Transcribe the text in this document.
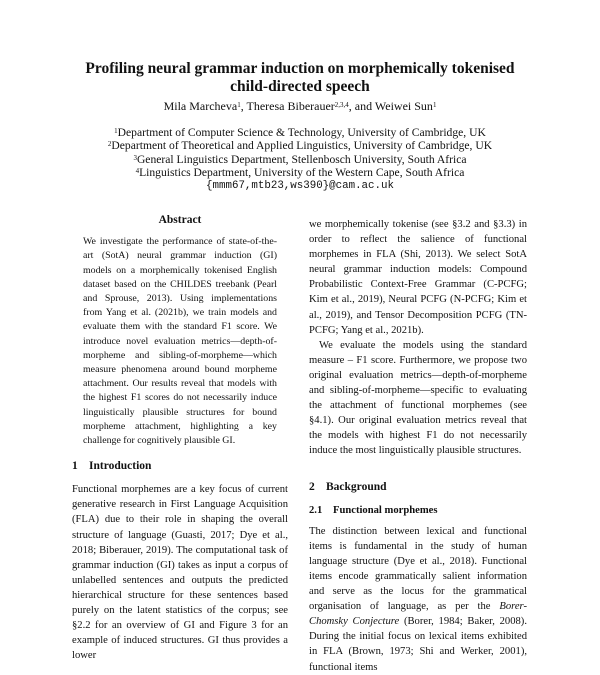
Profiling neural grammar induction on morphemically tokenised
child-directed speech
Mila Marcheva$^1$, Theresa Biberauer$^{2,3,4}$, and Weiwei Sun$^1$
$^1$Department of Computer Science & Technology, University of Cambridge, UK
$^2$Department of Theoretical and Applied Linguistics, University of Cambridge, UK
$^3$General Linguistics Department, Stellenbosch University, South Africa
$^4$Linguistics Department, University of the Western Cape, South Africa
{mmm67,mtb23,ws390}@cam.ac.uk
Abstract

We investigate the performance of state-of-the-art (SotA) neural grammar induction (GI) models on a morphemically tokenised English dataset based on the CHILDES treebank (Pearl and Sprouse, 2013). Using implementations from Yang et al. (2021b), we train models and evaluate them with the standard F1 score. We introduce novel evaluation metrics—depth-of-morpheme and sibling-of-morpheme—which measure phenomena around bound morpheme attachment. Our results reveal that models with the highest F1 scores do not necessarily induce linguistically plausible structures for bound morpheme attachment, highlighting a key challenge for cognitively plausible GI.

1 Introduction

Functional morphemes are a key focus of current generative research in First Language Acquisition (FLA) due to their role in shaping the overall structure of language (Guasti, 2017; Dye et al., 2018; Biberauer, 2019). The computational task of grammar induction (GI) takes as input a corpus of unlabelled sentences and outputs the predicted hierarchical structure for these sentences based purely on the latent statistics of the corpus; see §2.2 for an overview of GI and Figure 3 for an example of induced structures. GI thus provides a lower

we morphemically tokenise (see §3.2 and §3.3) in order to reflect the salience of functional morphemes in FLA (Shi, 2013). We select SotA neural grammar induction models: Compound Probabilistic Context-Free Grammar (C-PCFG; Kim et al., 2019), Neural PCFG (N-PCFG; Kim et al., 2019), and Tensor Decomposition PCFG (TN-PCFG; Yang et al., 2021b).

We evaluate the models using the standard measure – F1 score. Furthermore, we propose two original evaluation metrics—depth-of-morpheme and sibling-of-morpheme—specific to evaluating the attachment of functional morphemes (see §4.1). Our original evaluation metrics reveal that the models with highest F1 do not necessarily induce the most linguistically plausible structures.

2 Background
2.1 Functional morphemes

The distinction between lexical and functional items is fundamental in the study of human language structure (Dye et al., 2018). Functional items encode grammatically salient information and serve as the locus for the grammatical organisation of language, as per the Borer-Chomsky Conjecture (Borer, 1984; Baker, 2008). During the initial focus on lexical items exhibited in FLA (Brown, 1973; Shi and Werker, 2001), functional items
